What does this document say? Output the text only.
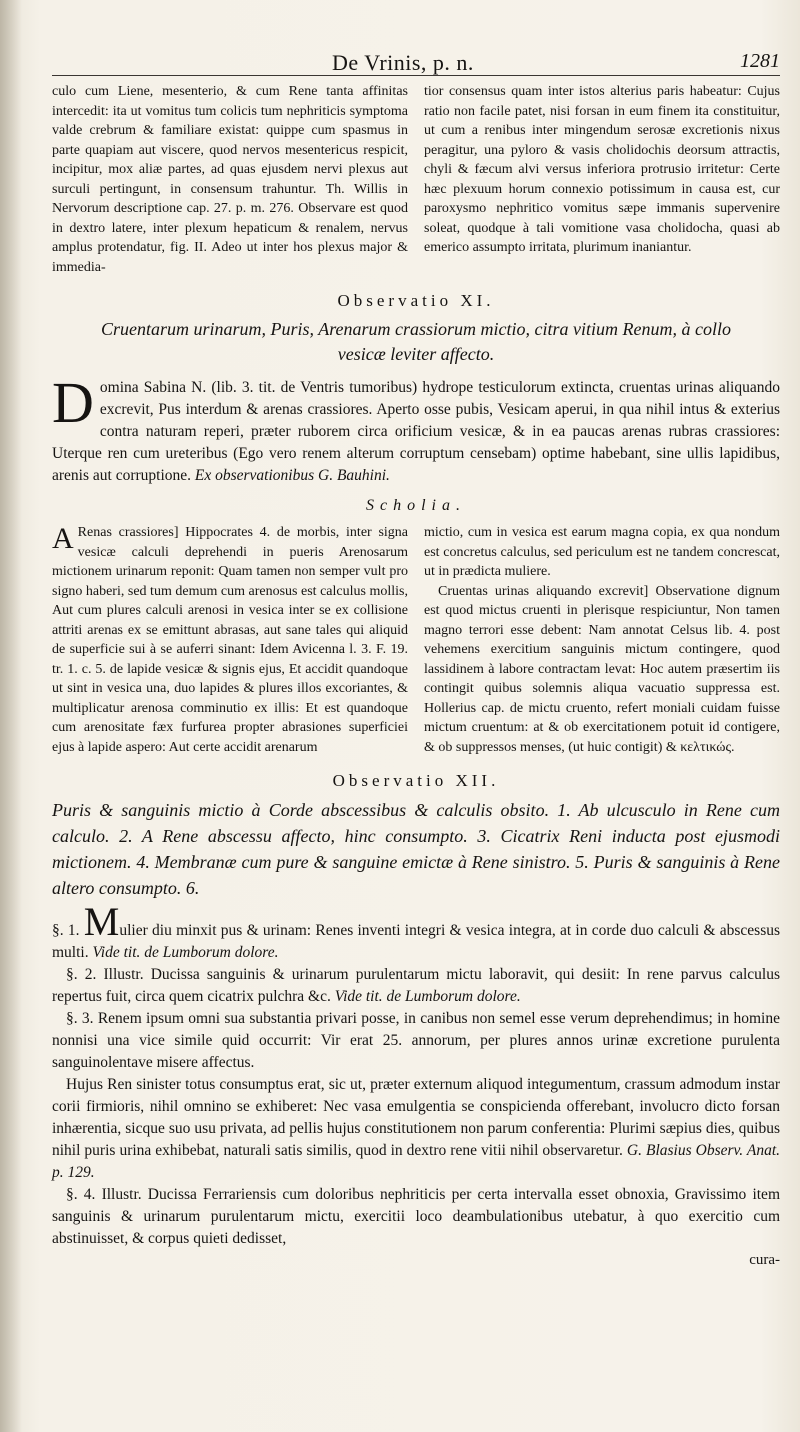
De Vrinis, p. n.	1281

culo cum Liene, mesenterio, & cum Rene tanta affinitas intercedit: ita ut vomitus tum colicis tum nephriticis symptoma valde crebrum & familiare existat: quippe cum spasmus in parte quapiam aut viscere, quod nervos mesentericus respicit, incipitur, mox aliæ partes, ad quas ejusdem nervi plexus aut surculi pertingunt, in consensum trahuntur. Th. Willis in Nervorum descriptione cap. 27. p. m. 276. Observare est quod in dextro latere, inter plexum hepaticum & renalem, nervus amplus protendatur, fig. II. Adeo ut inter hos plexus major & immedia-

tior consensus quam inter istos alterius paris habeatur: Cujus ratio non facile patet, nisi forsan in eum finem ita constituitur, ut cum a renibus inter mingendum serosæ excretionis nixus peragitur, una pyloro & vasis cholidochis deorsum attractis, chyli & fæcum alvi versus inferiora protrusio irritetur: Certe hæc plexuum horum connexio potissimum in causa est, cur paroxysmo nephritico vomitus sæpe immanis supervenire soleat, quodque à tali vomitione vasa cholidocha, quasi ab emerico assumpto irritata, plurimum inaniantur.

Observatio XI.
Cruentarum urinarum, Puris, Arenarum crassiorum mictio, citra vitium Renum, à collo vesicæ leviter affecto.

Domina Sabina N. (lib. 3. tit. de Ventris tumoribus) hydrope testiculorum extincta, cruentas urinas aliquando excrevit, Pus interdum & arenas crassiores. Aperto osse pubis, Vesicam aperui, in qua nihil intus & exterius contra naturam reperi, præter ruborem circa orificium vesicæ, & in ea paucas arenas rubras crassiores: Uterque ren cum ureteribus (Ego vero renem alterum corruptum censebam) optime habebant, sine ullis lapidibus, arenis aut corruptione. Ex observationibus G. Bauhini.

Scholia.

A Renas crassiores] Hippocrates 4. de morbis, inter signa vesicæ calculi deprehendi in pueris Arenosarum mictionem urinarum reponit: Quam tamen non semper vult pro signo haberi, sed tum demum cum arenosus est calculus mollis, Aut cum plures calculi arenosi in vesica inter se ex collisione attriti arenas ex se emittunt abrasas, aut sane tales qui aliquid de superficie sui à se auferri sinant: Idem Avicenna l. 3. F. 19. tr. 1. c. 5. de lapide vesicæ & signis ejus, Et accidit quandoque ut sint in vesica una, duo lapides & plures illos excoriantes, & multiplicatur arenosa comminutio ex illis: Et est quandoque cum arenositate fæx furfurea propter abrasiones superficiei ejus à lapide aspero: Aut certe accidit arenarum

mictio, cum in vesica est earum magna copia, ex qua nondum est concretus calculus, sed periculum est ne tandem concrescat, ut in prædicta muliere.

Cruentas urinas aliquando excrevit] Observatione dignum est quod mictus cruenti in plerisque respiciuntur, Non tamen magno terrori esse debent: Nam annotat Celsus lib. 4. post vehemens exercitium sanguinis mictum contingere, quod lassidinem à labore contractam levat: Hoc autem præsertim iis contingit quibus solemnis aliqua vacuatio suppressa est. Hollerius cap. de mictu cruento, refert moniali cuidam fuisse mictum cruentum: at & ob exercitationem potuit id contigere, & ob suppressos menses, (ut huic contigit) & κελτικώς.

Observatio XII.
Puris & sanguinis mictio à Corde abscessibus & calculis obsito. 1. Ab ulcusculo in Rene cum calculo. 2. A Rene abscessu affecto, hinc consumpto. 3. Cicatrix Reni inducta post ejusmodi mictionem. 4. Membranæ cum pure & sanguine emictæ à Rene sinistro. 5. Puris & sanguinis à Rene altero consumpto. 6.

§. 1. Mulier diu minxit pus & urinam: Renes inventi integri & vesica integra, at in corde duo calculi & abscessus multi. Vide tit. de Lumborum dolore.

§. 2. Illustr. Ducissa sanguinis & urinarum purulentarum mictu laboravit, qui desiit: In rene parvus calculus repertus fuit, circa quem cicatrix pulchra &c. Vide tit. de Lumborum dolore.

§. 3. Renem ipsum omni sua substantia privari posse, in canibus non semel esse verum deprehendimus; in homine nonnisi una vice simile quid occurrit: Vir erat 25. annorum, per plures annos urinæ excretione purulenta sanguinolentave misere affectus.

Hujus Ren sinister totus consumptus erat, sic ut, præter externum aliquod integumentum, crassum admodum instar corii firmioris, nihil omnino se exhiberet: Nec vasa emulgentia se conspicienda offerebant, involucro dicto forsan inhærentia, sicque suo usu privata, ad pellis hujus constitutionem non parum conferentia: Plurimi sæpius dies, quibus nihil puris urina exhibebat, naturali satis similis, quod in dextro rene vitii nihil observaretur. G. Blasius Observ. Anat. p. 129.

§. 4. Illustr. Ducissa Ferrariensis cum doloribus nephriticis per certa intervalla esset obnoxia, Gravissimo item sanguinis & urinarum purulentarum mictu, exercitii loco deambulationibus utebatur, à quo exercitio cum abstinuisset, & corpus quieti dedisset,

cura-
